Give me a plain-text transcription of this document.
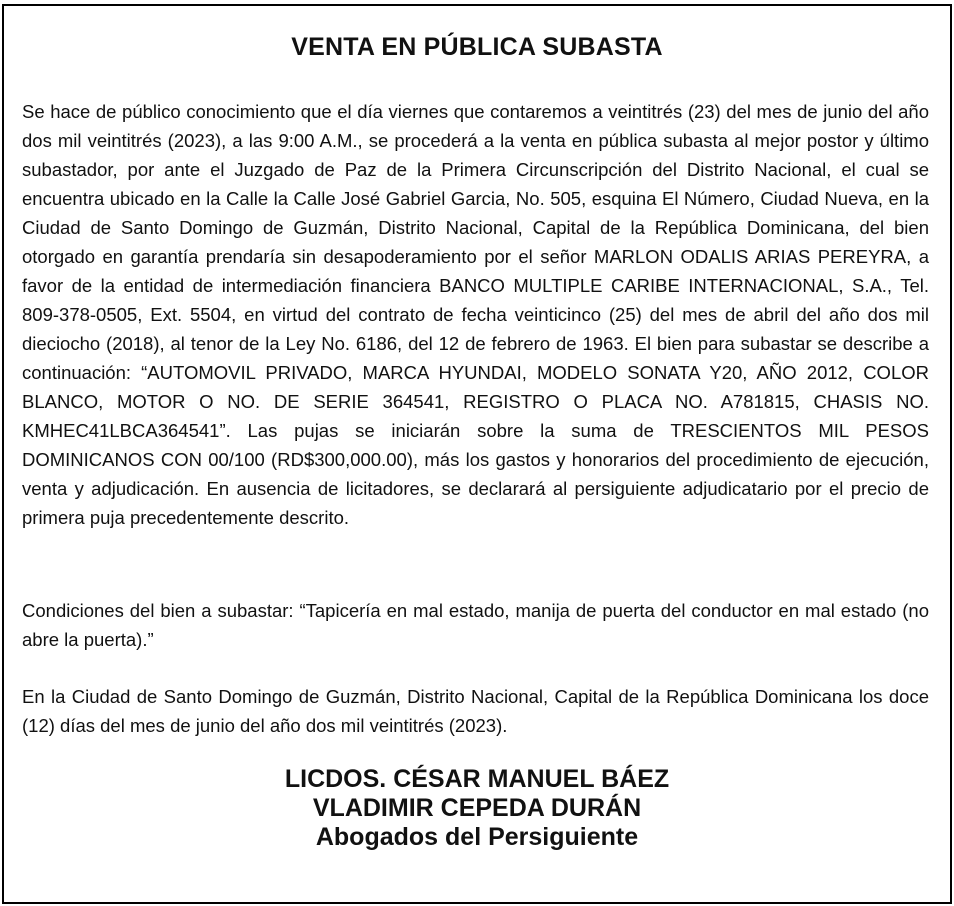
VENTA EN PÚBLICA SUBASTA

Se hace de público conocimiento que el día viernes que contaremos a veintitrés (23) del mes de junio del año dos mil veintitrés (2023), a las 9:00 A.M., se procederá a la venta en pública subasta al mejor postor y último subastador, por ante el Juzgado de Paz de la Primera Circunscripción del Distrito Nacional, el cual se encuentra ubicado en la Calle la Calle José Gabriel Garcia, No. 505, esquina El Número, Ciudad Nueva, en la Ciudad de Santo Domingo de Guzmán, Distrito Nacional, Capital de la República Dominicana, del bien otorgado en garantía prendaría sin desapoderamiento por el señor MARLON ODALIS ARIAS PEREYRA, a favor de la entidad de intermediación financiera BANCO MULTIPLE CARIBE INTERNACIONAL, S.A., Tel. 809-378-0505, Ext. 5504, en virtud del contrato de fecha veinticinco (25) del mes de abril del año dos mil dieciocho (2018), al tenor de la Ley No. 6186, del 12 de febrero de 1963. El bien para subastar se describe a continuación: “AUTOMOVIL PRIVADO, MARCA HYUNDAI, MODELO SONATA Y20, AÑO 2012, COLOR BLANCO, MOTOR O NO. DE SERIE 364541, REGISTRO O PLACA NO. A781815, CHASIS NO. KMHEC41LBCA364541”. Las pujas se iniciarán sobre la suma de TRESCIENTOS MIL PESOS DOMINICANOS CON 00/100 (RD$300,000.00), más los gastos y honorarios del procedimiento de ejecución, venta y adjudicación. En ausencia de licitadores, se declarará al persiguiente adjudicatario por el precio de primera puja precedentemente descrito.

Condiciones del bien a subastar: “Tapicería en mal estado, manija de puerta del conductor en mal estado (no abre la puerta).”

En la Ciudad de Santo Domingo de Guzmán, Distrito Nacional, Capital de la República Dominicana los doce (12) días del mes de junio del año dos mil veintitrés (2023).

LICDOS. CÉSAR MANUEL BÁEZ
VLADIMIR CEPEDA DURÁN
Abogados del Persiguiente
